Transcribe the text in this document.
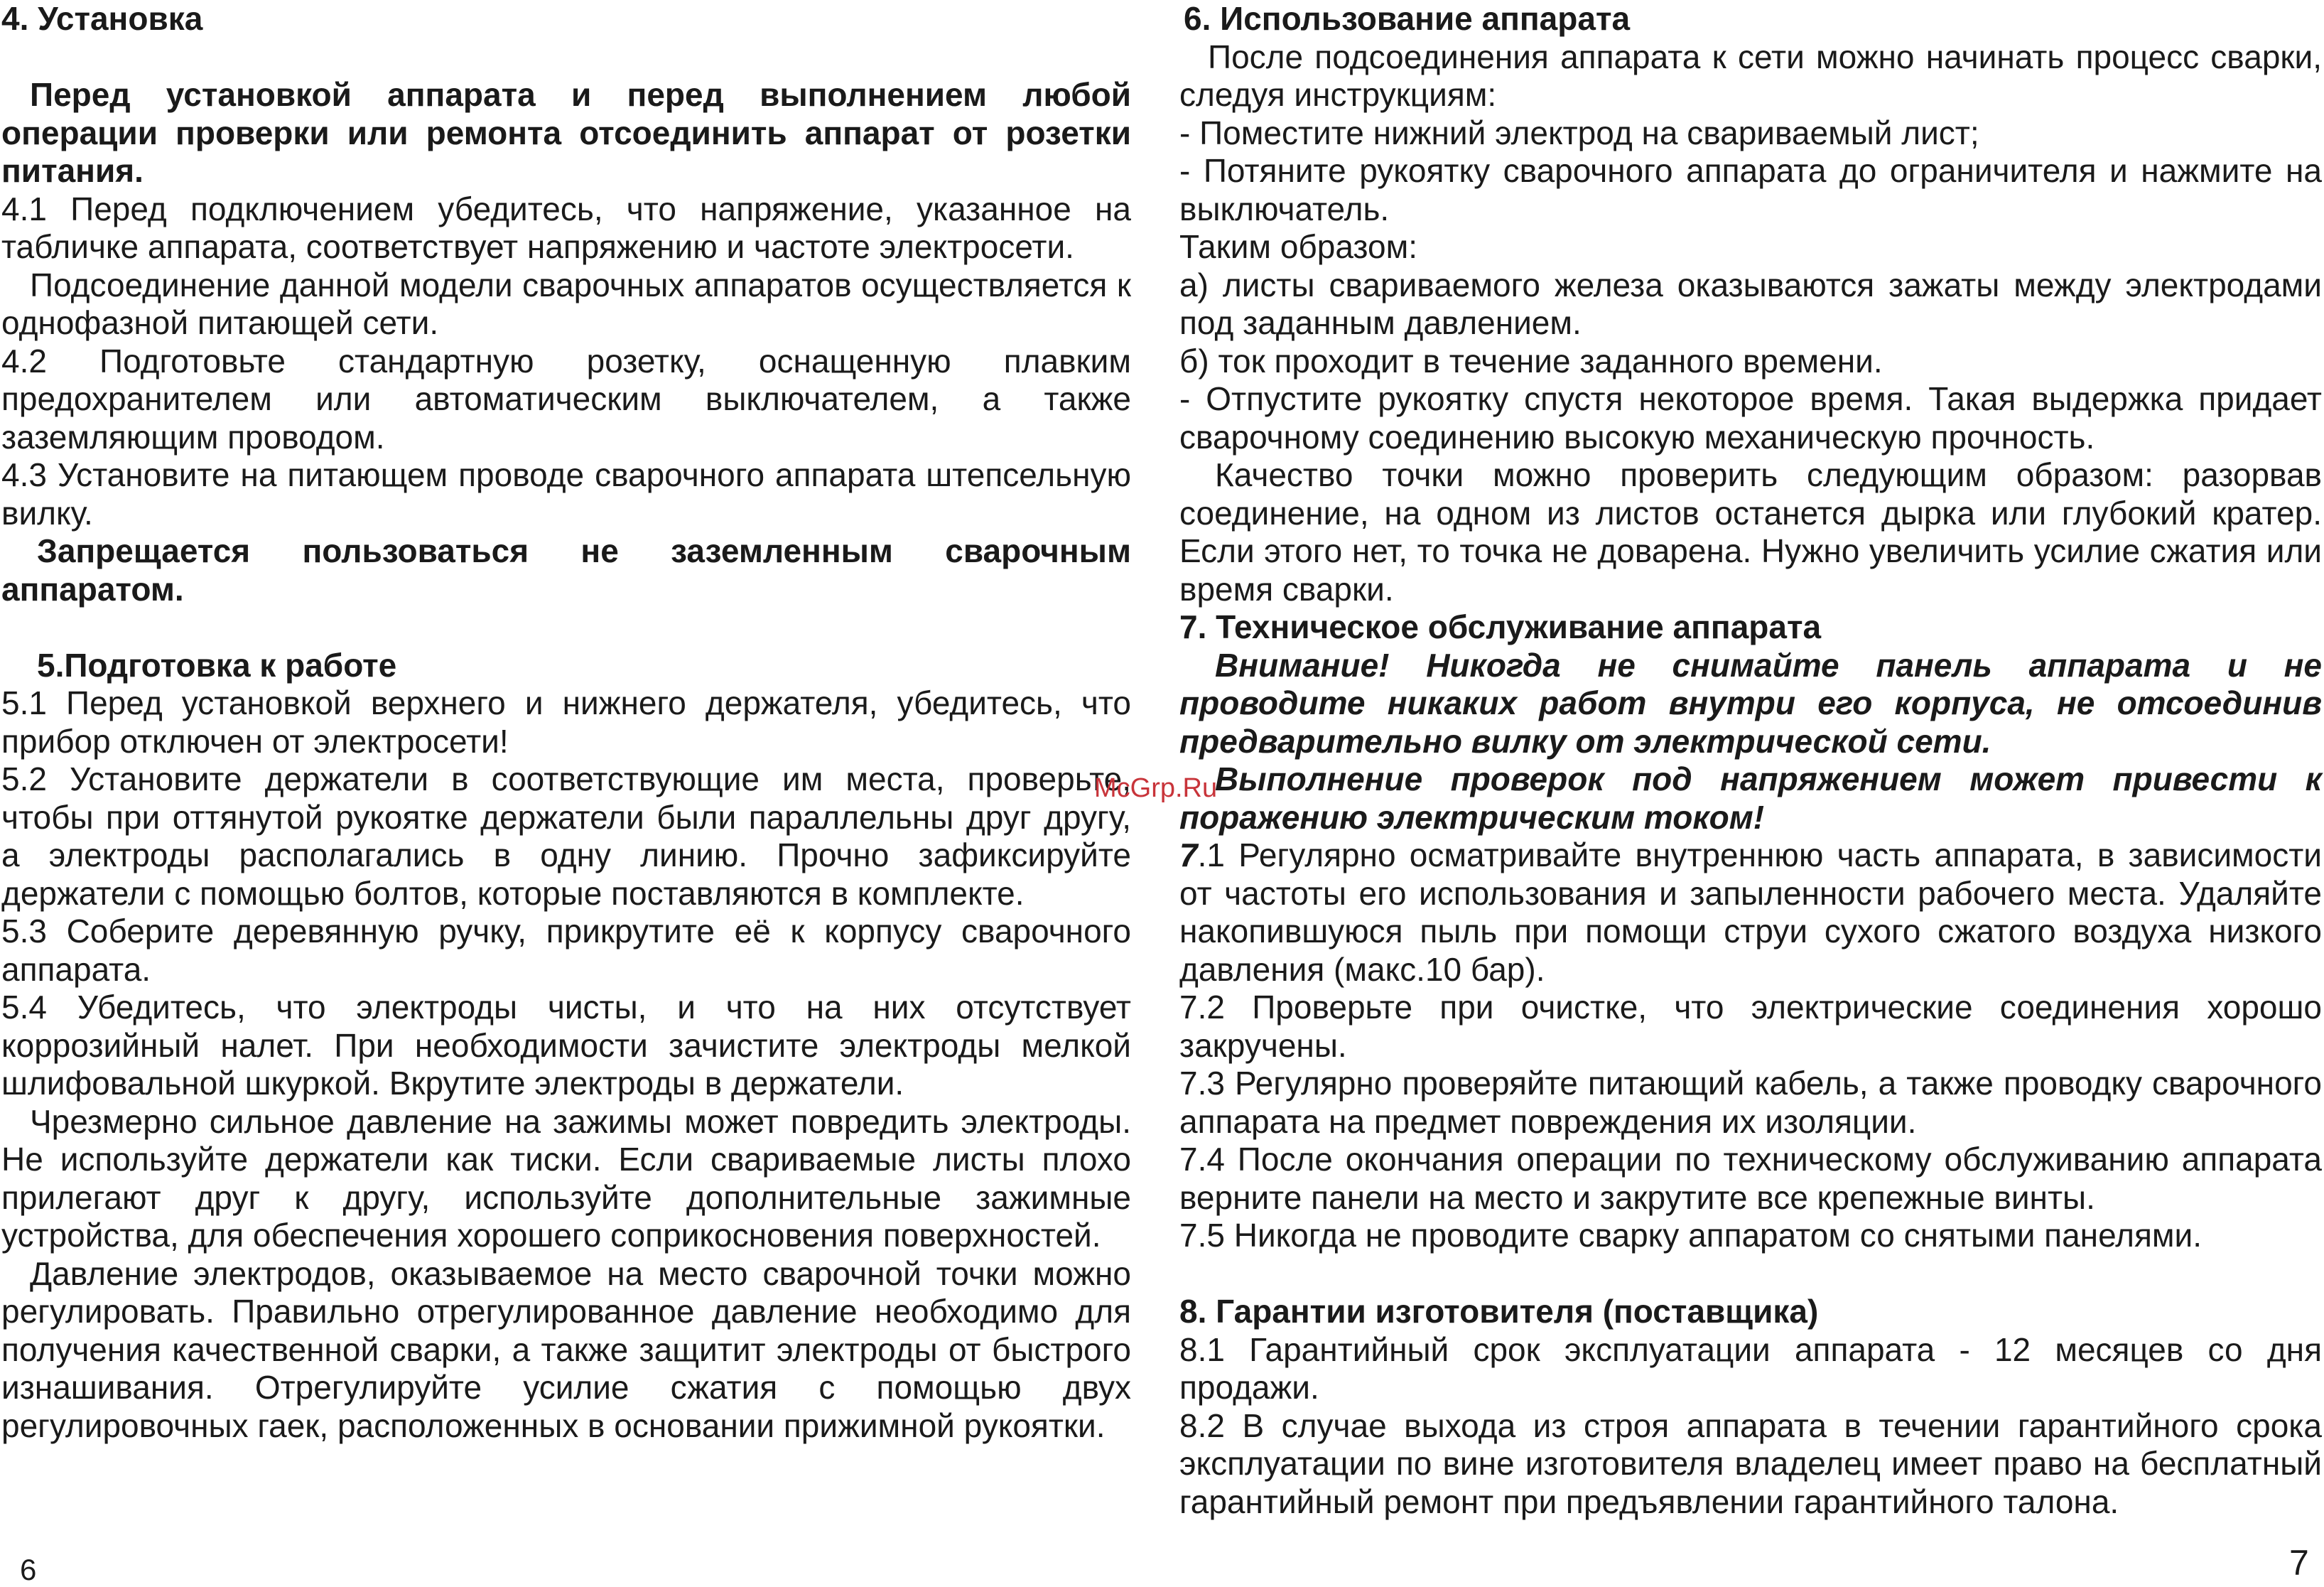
4. Установка

Перед установкой аппарата и перед выполнением любой операции проверки или ремонта отсоединить аппарат от розетки питания.

4.1 Перед подключением убедитесь, что напряжение, указанное на табличке аппарата, соответствует напряжению и частоте электросети.

Подсоединение данной модели сварочных аппаратов осуществляется к однофазной питающей сети.

4.2 Подготовьте стандартную розетку, оснащенную плавким предохранителем или автоматическим выключателем, а также заземляющим проводом.

4.3 Установите на питающем проводе сварочного аппарата штепсельную вилку.

Запрещается пользоваться не заземленным сварочным аппаратом.

5.Подготовка к работе

5.1 Перед установкой верхнего и нижнего держателя, убедитесь, что прибор отключен от электросети!

5.2 Установите держатели в соответствующие им места, проверьте, чтобы при оттянутой рукоятке держатели были параллельны друг другу, а электроды располагались в одну линию. Прочно зафиксируйте держатели с помощью болтов, которые поставляются в комплекте.

5.3 Соберите деревянную ручку, прикрутите её к корпусу сварочного аппарата.

5.4 Убедитесь, что электроды чисты, и что на них отсутствует коррозийный налет. При необходимости зачистите электроды мелкой шлифовальной шкуркой. Вкрутите электроды в держатели.

Чрезмерно сильное давление на зажимы может повредить электроды. Не используйте держатели как тиски. Если свариваемые листы плохо прилегают друг к другу, используйте дополнительные зажимные устройства, для обеспечения хорошего соприкосновения поверхностей.

Давление электродов, оказываемое на место сварочной точки можно регулировать. Правильно отрегулированное давление необходимо для получения качественной сварки, а также защитит электроды от быстрого изнашивания. Отрегулируйте усилие сжатия с помощью двух регулировочных гаек, расположенных в основании прижимной рукоятки.

6. Использование аппарата

После подсоединения аппарата к сети можно начинать процесс сварки, следуя инструкциям:

- Поместите нижний электрод на свариваемый лист;

- Потяните рукоятку сварочного аппарата до ограничителя и нажмите на выключатель.

Таким образом:

а) листы свариваемого железа оказываются зажаты между электродами под заданным давлением.

б) ток проходит в течение заданного времени.

- Отпустите рукоятку спустя некоторое время. Такая выдержка придает сварочному соединению высокую механическую прочность.

Качество точки можно проверить следующим образом: разорвав соединение, на одном из листов останется дырка или глубокий кратер. Если этого нет, то точка не доварена. Нужно увеличить усилие сжатия или время сварки.

7. Техническое обслуживание аппарата

Внимание! Никогда не снимайте панель аппарата и не проводите никаких работ внутри его корпуса, не отсоединив предварительно вилку от электрической сети.

Выполнение проверок под напряжением может привести к поражению электрическим током!

7.1 Регулярно осматривайте внутреннюю часть аппарата, в зависимости от частоты его использования и запыленности рабочего места. Удаляйте накопившуюся пыль при помощи струи сухого сжатого воздуха низкого давления (макс.10 бар).

7.2 Проверьте при очистке, что электрические соединения хорошо закручены.

7.3 Регулярно проверяйте питающий кабель, а также проводку сварочного аппарата на предмет повреждения их изоляции.

7.4 После окончания операции по техническому обслуживанию аппарата верните панели на место и закрутите все крепежные винты.

7.5 Никогда не проводите сварку аппаратом со снятыми панелями.

8. Гарантии изготовителя (поставщика)

8.1 Гарантийный срок эксплуатации аппарата - 12 месяцев со дня продажи.

8.2 В случае выхода из строя аппарата в течении гарантийного срока эксплуатации по вине изготовителя владелец имеет право на бесплатный гарантийный ремонт при предъявлении гарантийного талона.

McGrp.Ru
6	7
